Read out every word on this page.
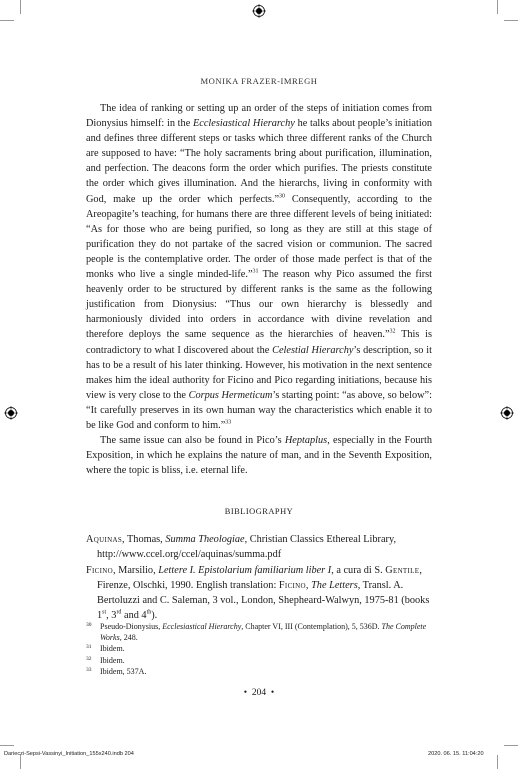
MONIKA FRAZER-IMREGH

The idea of ranking or setting up an order of the steps of initiation comes from Dionysius himself: in the Ecclesiastical Hierarchy he talks about people’s initiation and defines three different steps or tasks which three different ranks of the Church are supposed to have: “The holy sacraments bring about purification, illumination, and perfection. The deacons form the order which purifies. The priests constitute the order which gives illumination. And the hierarchs, living in conformity with God, make up the order which perfects.”$^{30}$ Consequently, according to the Areopagite’s teaching, for humans there are three different levels of being initiated: “As for those who are being purified, so long as they are still at this stage of purification they do not partake of the sacred vision or communion. The sacred people is the contemplative order. The order of those made perfect is that of the monks who live a single minded-life.”$^{31}$ The reason why Pico assumed the first heavenly order to be structured by different ranks is the same as the following justification from Dionysius: “Thus our own hierarchy is blessedly and harmoniously divided into orders in accordance with divine revelation and therefore deploys the same sequence as the hierarchies of heaven.”$^{32}$ This is contradictory to what I discovered about the Celestial Hierarchy’s description, so it has to be a result of his later thinking. However, his motivation in the next sentence makes him the ideal authority for Ficino and Pico regarding initiations, because his view is very close to the Corpus Hermeticum’s starting point: “as above, so below”: “It carefully preserves in its own human way the characteristics which enable it to be like God and conform to him.”$^{33}$

The same issue can also be found in Pico’s Heptaplus, especially in the Fourth Exposition, in which he explains the nature of man, and in the Seventh Exposition, where the topic is bliss, i.e. eternal life.

BIBLIOGRAPHY

Aquinas, Thomas, Summa Theologiae, Christian Classics Ethereal Library, http://www.ccel.org/ccel/aquinas/summa.pdf

Ficino, Marsilio, Lettere I. Epistolarium familiarium liber I, a cura di S. Gentile, Firenze, Olschki, 1990. English translation: Ficino, The Letters, Transl. A. Bertoluzzi and C. Saleman, 3 vol., London, Shepheard-Walwyn, 1975-81 (books 1st, 3rd and 4th).

30	Pseudo-Dionysius, Ecclesiastical Hierarchy, Chapter VI, III (Contemplation), 5, 536D. The Complete Works, 248.

31	Ibidem.

32	Ibidem.

33	Ibidem, 537A.

• 204 •
Darieczi-Sepsi-Vassinyi_Initiation_155x240.indb 204	2020. 06. 15. 11:04:20
